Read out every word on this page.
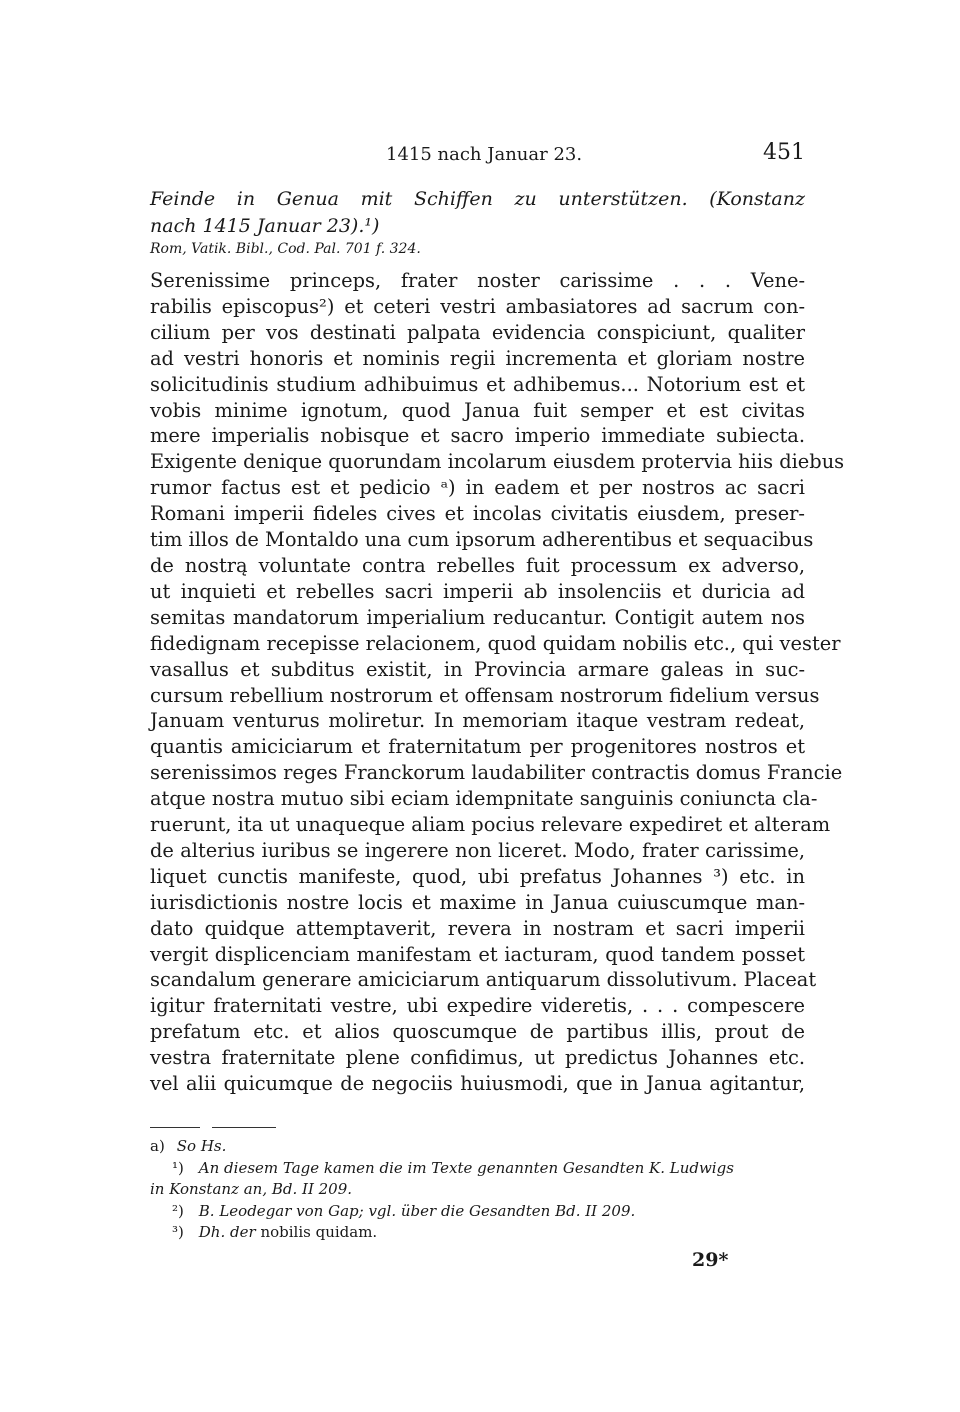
1415 nach Januar 23.	451
Feinde in Genua mit Schiffen zu unterstützen. (Konstanz
nach 1415 Januar 23).¹)
Rom, Vatik. Bibl., Cod. Pal. 701 f. 324.
Serenissime princeps, frater noster carissime . . . Vene-
rabilis episcopus²) et ceteri vestri ambasiatores ad sacrum con-
cilium per vos destinati palpata evidencia conspiciunt, qualiter
ad vestri honoris et nominis regii incrementa et gloriam nostre
solicitudinis studium adhibuimus et adhibemus... Notorium est et
vobis minime ignotum, quod Janua fuit semper et est civitas
mere imperialis nobisque et sacro imperio immediate subiecta.
Exigente denique quorundam incolarum eiusdem protervia hiis diebus
rumor factus est et pedicio ᵃ) in eadem et per nostros ac sacri
Romani imperii fideles cives et incolas civitatis eiusdem, preser-
tim illos de Montaldo una cum ipsorum adherentibus et sequacibus
de nostrą voluntate contra rebelles fuit processum ex adverso,
ut inquieti et rebelles sacri imperii ab insolenciis et duricia ad
semitas mandatorum imperialium reducantur. Contigit autem nos
fidedignam recepisse relacionem, quod quidam nobilis etc., qui vester
vasallus et subditus existit, in Provincia armare galeas in suc-
cursum rebellium nostrorum et offensam nostrorum fidelium versus
Januam venturus moliretur. In memoriam itaque vestram redeat,
quantis amiciciarum et fraternitatum per progenitores nostros et
serenissimos reges Franckorum laudabiliter contractis domus Francie
atque nostra mutuo sibi eciam idempnitate sanguinis coniuncta cla-
ruerunt, ita ut unaqueque aliam pocius relevare expediret et alteram
de alterius iuribus se ingerere non liceret. Modo, frater carissime,
liquet cunctis manifeste, quod, ubi prefatus Johannes ³) etc. in
iurisdictionis nostre locis et maxime in Janua cuiuscumque man-
dato quidque attemptaverit, revera in nostram et sacri imperii
vergit displicenciam manifestam et iacturam, quod tandem posset
scandalum generare amiciciarum antiquarum dissolutivum. Placeat
igitur fraternitati vestre, ubi expedire videretis, . . . compescere
prefatum etc. et alios quoscumque de partibus illis, prout de
vestra fraternitate plene confidimus, ut predictus Johannes etc.
vel alii quicumque de negociis huiusmodi, que in Janua agitantur,
a) So Hs.
¹) An diesem Tage kamen die im Texte genannten Gesandten K. Ludwigs
in Konstanz an, Bd. II 209.
²) B. Leodegar von Gap; vgl. über die Gesandten Bd. II 209.
³) Dh. der nobilis quidam.
29*
